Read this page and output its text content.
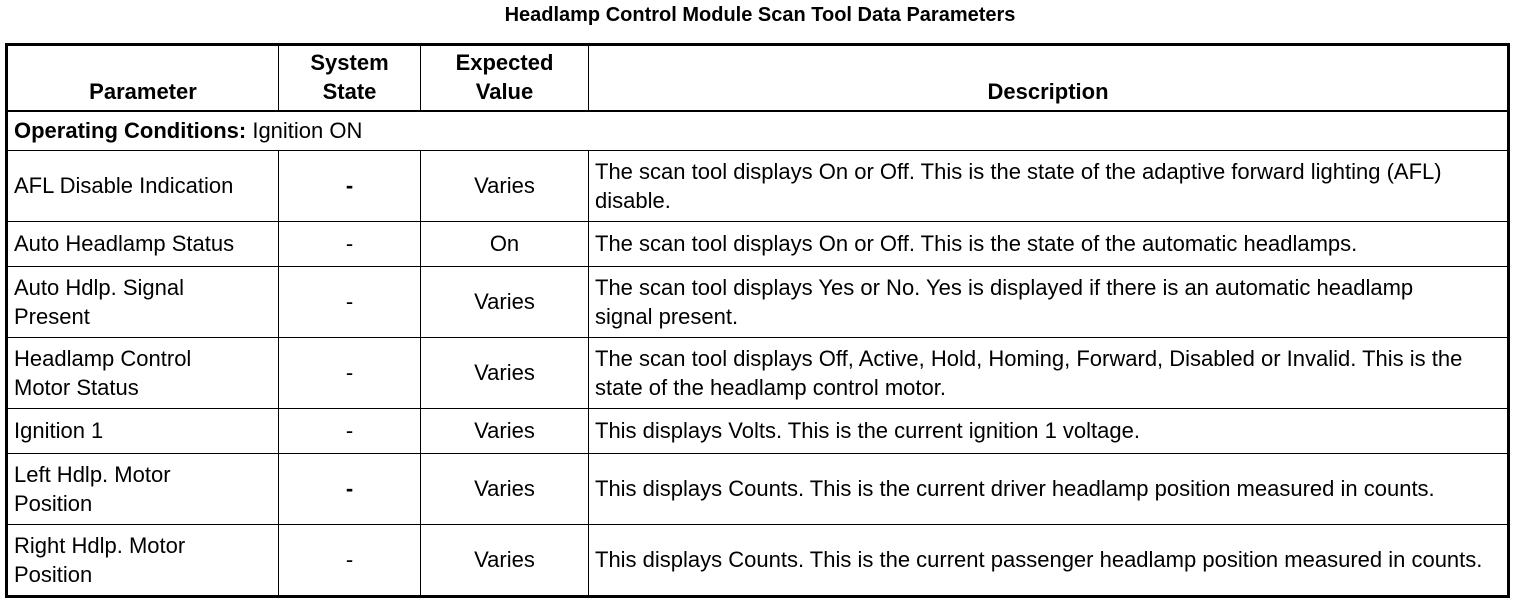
Headlamp Control Module Scan Tool Data Parameters
Parameter	System State	Expected Value	Description
Operating Conditions: Ignition ON			
AFL Disable Indication	-	Varies	The scan tool displays On or Off. This is the state of the adaptive forward lighting (AFL) disable.
Auto Headlamp Status	-	On	The scan tool displays On or Off. This is the state of the automatic headlamps.
Auto Hdlp. Signal Present	-	Varies	The scan tool displays Yes or No. Yes is displayed if there is an automatic headlamp signal present.
Headlamp Control Motor Status	-	Varies	The scan tool displays Off, Active, Hold, Homing, Forward, Disabled or Invalid. This is the state of the headlamp control motor.
Ignition 1	-	Varies	This displays Volts. This is the current ignition 1 voltage.
Left Hdlp. Motor Position	-	Varies	This displays Counts. This is the current driver headlamp position measured in counts.
Right Hdlp. Motor Position	-	Varies	This displays Counts. This is the current passenger headlamp position measured in counts.
